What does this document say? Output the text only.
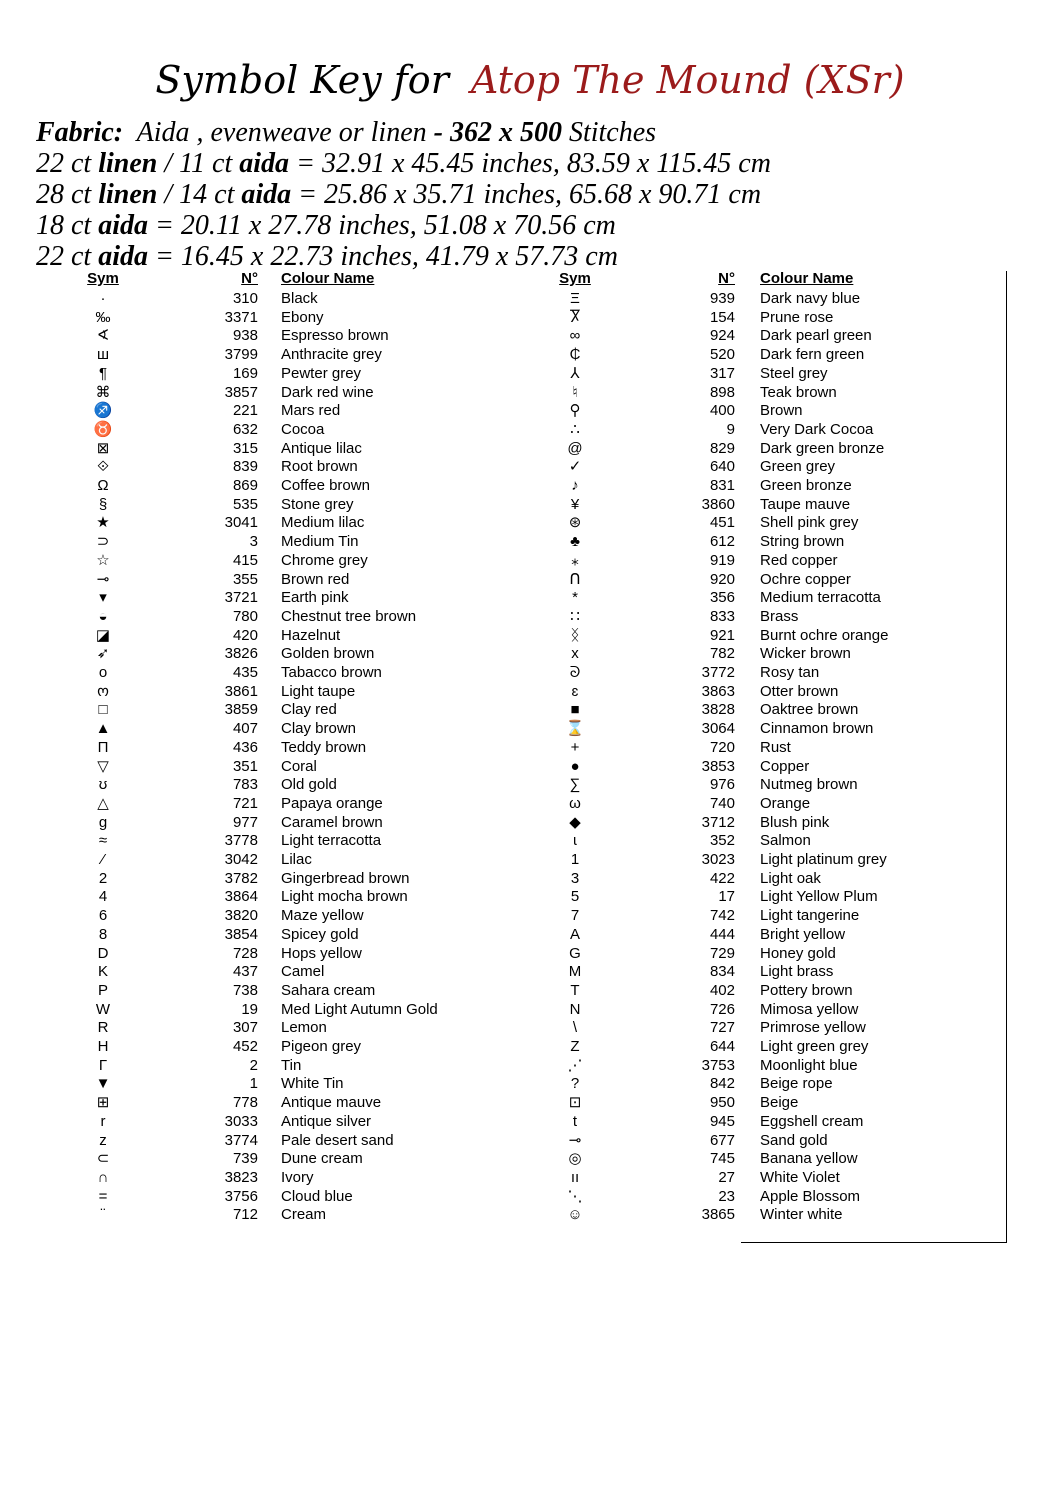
Symbol Key for Atop The Mound (XSr)
Fabric: Aida , evenweave or linen - 362 x 500 Stitches
22 ct linen / 11 ct aida = 32.91 x 45.45 inches, 83.59 x 115.45 cm
28 ct linen / 14 ct aida = 25.86 x 35.71 inches, 65.68 x 90.71 cm
18 ct aida = 20.11 x 27.78 inches, 51.08 x 70.56 cm
22 ct aida = 16.45 x 22.73 inches, 41.79 x 57.73 cm
Sym	N° Colour Name
·	310 Black
‰	3371 Ebony
∢	938 Espresso brown
ш	3799 Anthracite grey
¶	169 Pewter grey
⌘	3857 Dark red wine
♐	221 Mars red
♉	632 Cocoa
⊠	315 Antique lilac
⟐	839 Root brown
Ω	869 Coffee brown
§	535 Stone grey
★	3041 Medium lilac
⊃	3 Medium Tin
☆	415 Chrome grey
⊸	355 Brown red
▾	3721 Earth pink
◒	780 Chestnut tree brown
◪	420 Hazelnut
➶	3826 Golden brown
o	435 Tabacco brown
ო	3861 Light taupe
□	3859 Clay red
▲	407 Clay brown
Π	436 Teddy brown
▽	351 Coral
ʊ	783 Old gold
△	721 Papaya orange
g	977 Caramel brown
≈	3778 Light terracotta
⁄	3042 Lilac
2	3782 Gingerbread brown
4	3864 Light mocha brown
6	3820 Maze yellow
8	3854 Spicey gold
D	728 Hops yellow
K	437 Camel
P	738 Sahara cream
W	19 Med Light Autumn Gold
R	307 Lemon
H	452 Pigeon grey
Γ	2 Tin
▼	1 White Tin
⊞	778 Antique mauve
r	3033 Antique silver
z	3774 Pale desert sand
⊂	739 Dune cream
∩	3823 Ivory
=	3756 Cloud blue
¨	712 Cream
Sym	N° Colour Name
Ξ	939 Dark navy blue
Ⴟ	154 Prune rose
∞	924 Dark pearl green
₵	520 Dark fern green
⅄	317 Steel grey
♮	898 Teak brown
⚲	400 Brown
∴	9 Very Dark Cocoa
@	829 Dark green bronze
✓	640 Green grey
♪	831 Green bronze
¥	3860 Taupe mauve
⊛	451 Shell pink grey
♣	612 String brown
⁎	919 Red copper
ᑎ	920 Ochre copper
*	356 Medium terracotta
∷	833 Brass
ᛝ	921 Burnt ochre orange
x	782 Wicker brown
ᘐ	3772 Rosy tan
ɛ	3863 Otter brown
■	3828 Oaktree brown
⌛	3064 Cinnamon brown
+	720 Rust
●	3853 Copper
∑	976 Nutmeg brown
ω	740 Orange
◆	3712 Blush pink
ɩ	352 Salmon
1	3023 Light platinum grey
3	422 Light oak
5	17 Light Yellow Plum
7	742 Light tangerine
A	444 Bright yellow
G	729 Honey gold
M	834 Light brass
T	402 Pottery brown
N	726 Mimosa yellow
\	727 Primrose yellow
Z	644 Light green grey
⋰	3753 Moonlight blue
?	842 Beige rope
⊡	950 Beige
t	945 Eggshell cream
⊸	677 Sand gold
◎	745 Banana yellow
ıı	27 White Violet
⋱	23 Apple Blossom
☺	3865 Winter white
